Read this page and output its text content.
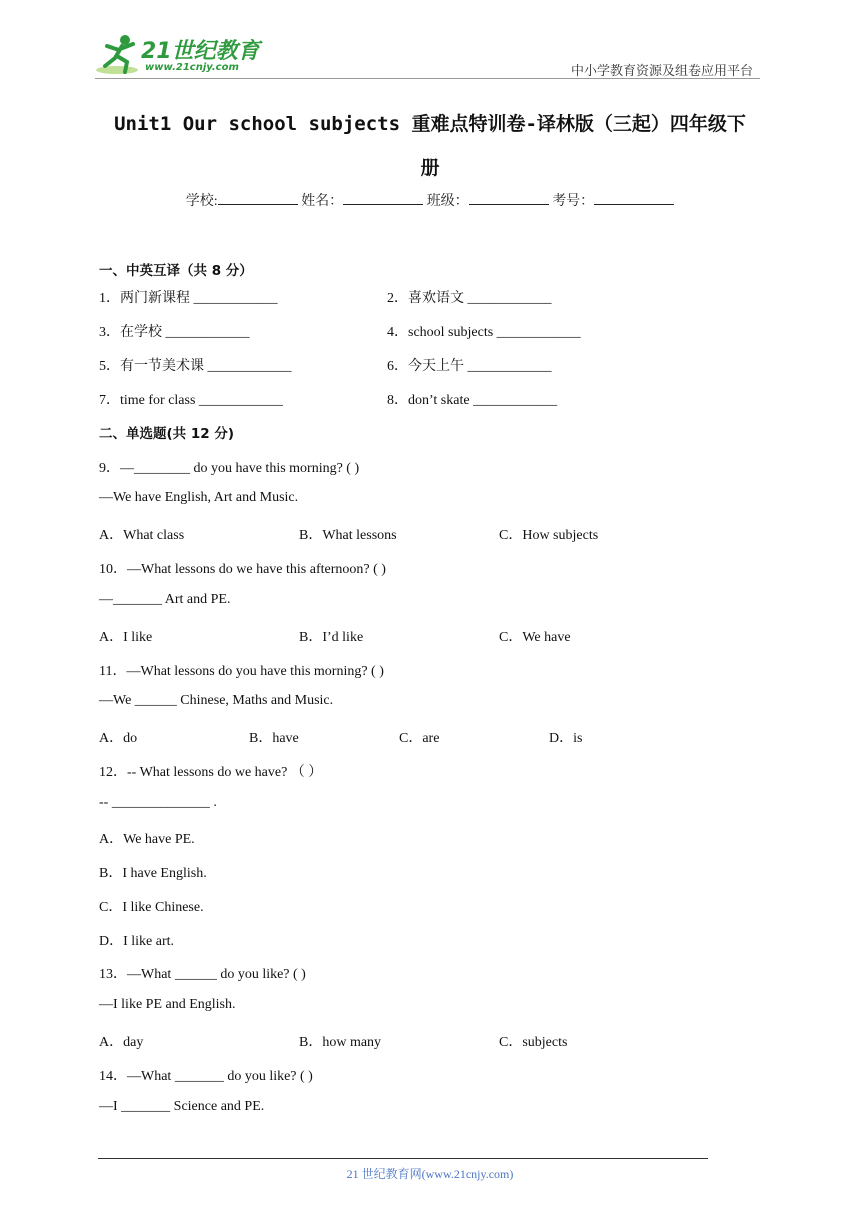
21世纪教育
www.21cnjy.com	中小学教育资源及组卷应用平台
Unit1 Our school subjects 重难点特训卷-译林版（三起）四年级下
册
学校:	姓名：	班级：	考号：
一、中英互译（共 8 分）
1．两门新课程 ____________	2．喜欢语文 ____________
3．在学校 ____________	4．school subjects ____________
5．有一节美术课 ____________	6．今天上午 ____________
7．time for class ____________	8．don’t skate ____________
二、单选题(共 12 分)
9．—________ do you have this morning? ( )
—We have English, Art and Music.
A．What class	B．What lessons	C．How subjects
10．—What lessons do we have this afternoon? ( )
—_______ Art and PE.
A．I like	B．I’d like	C．We have
11．—What lessons do you have this morning? ( )
—We ______ Chinese, Maths and Music.
A．do	B．have	C．are	D．is
12．-- What lessons do we have? （ ）
-- ______________ .
A．We have PE.
B．I have English.
C．I like Chinese.
D．I like art.
13．—What ______ do you like? ( )
—I like PE and English.
A．day	B．how many	C．subjects
14．—What _______ do you like? ( )
—I _______ Science and PE.
21 世纪教育网(www.21cnjy.com)
